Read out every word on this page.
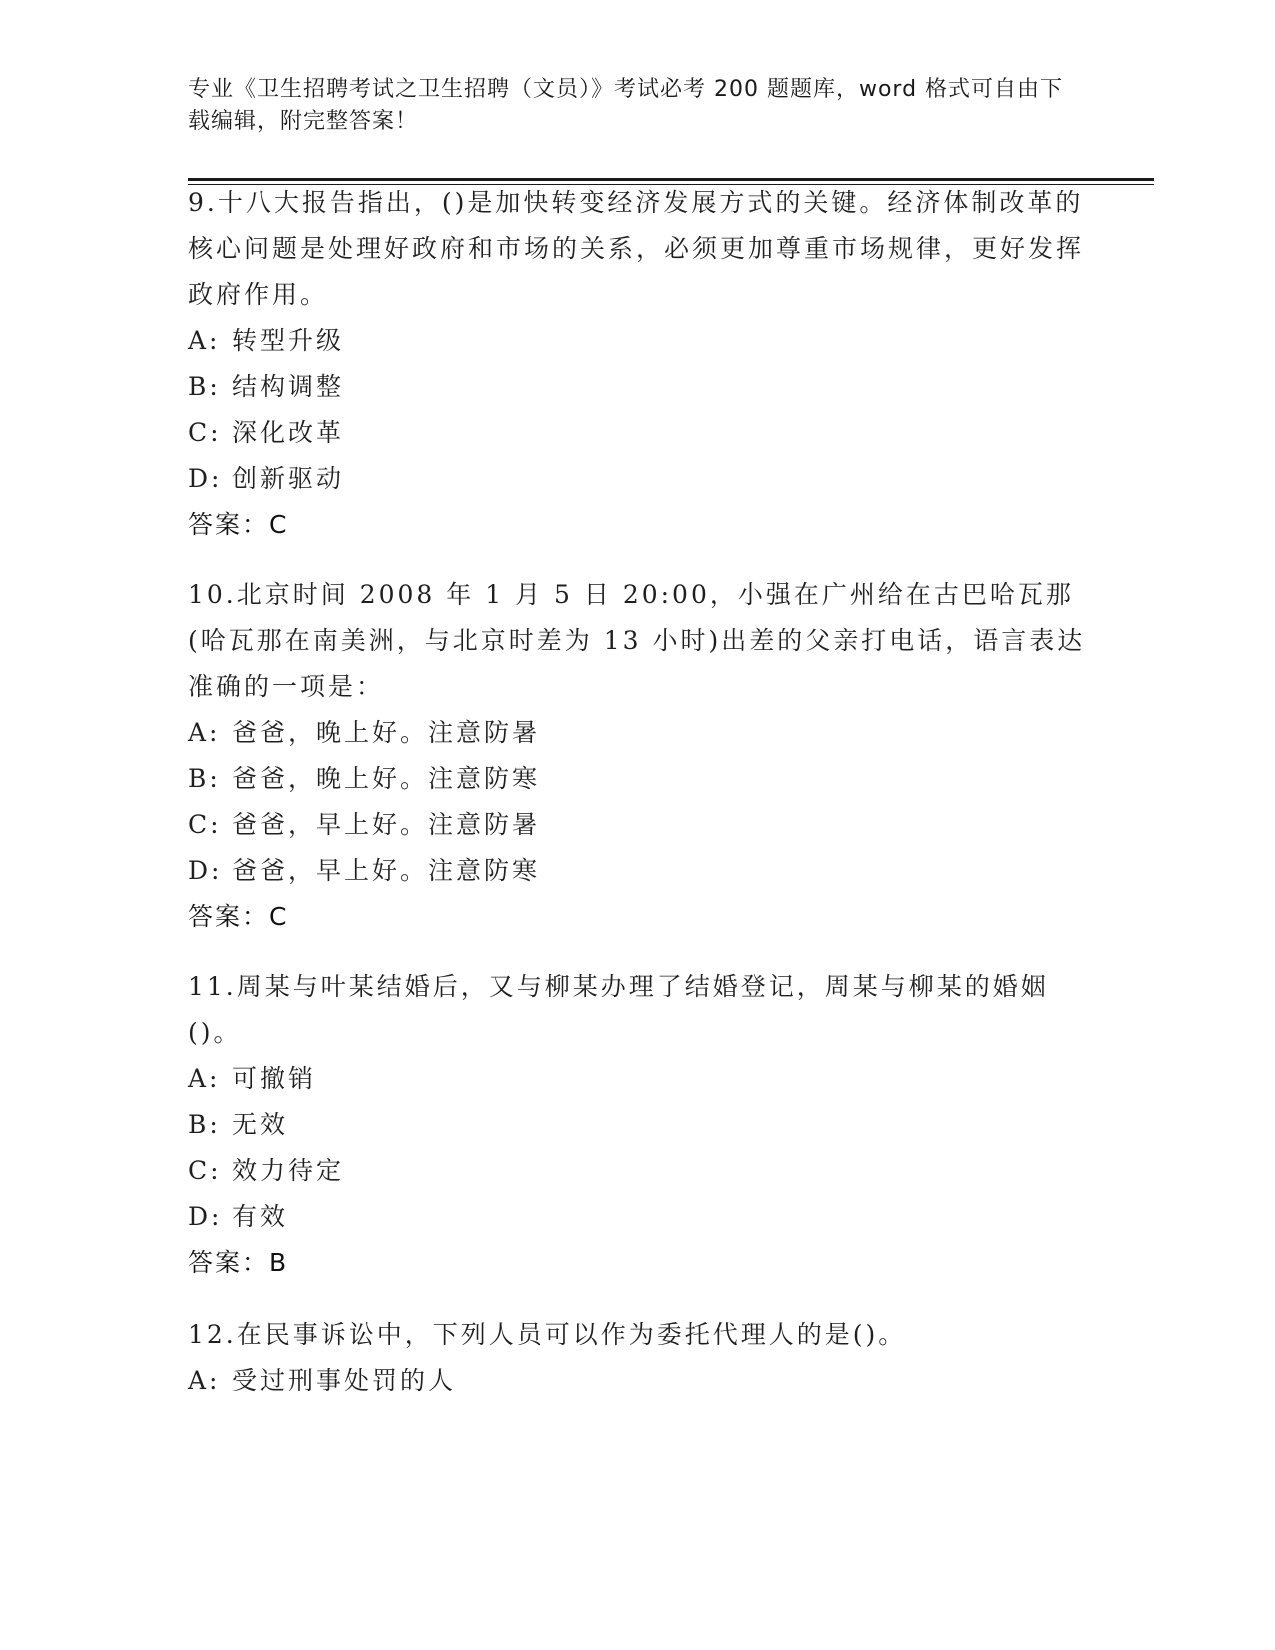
专业《卫生招聘考试之卫生招聘（文员）》考试必考 200 题题库，word 格式可自由下载编辑，附完整答案！
9.十八大报告指出，()是加快转变经济发展方式的关键。经济体制改革的核心问题是处理好政府和市场的关系，必须更加尊重市场规律，更好发挥政府作用。
A: 转型升级
B: 结构调整
C: 深化改革
D: 创新驱动
答案：C
10.北京时间 2008 年 1 月 5 日 20:00，小强在广州给在古巴哈瓦那(哈瓦那在南美洲，与北京时差为 13 小时)出差的父亲打电话，语言表达准确的一项是：
A: 爸爸，晚上好。注意防暑
B: 爸爸，晚上好。注意防寒
C: 爸爸，早上好。注意防暑
D: 爸爸，早上好。注意防寒
答案：C
11.周某与叶某结婚后，又与柳某办理了结婚登记，周某与柳某的婚姻()。
A: 可撤销
B: 无效
C: 效力待定
D: 有效
答案：B
12.在民事诉讼中，下列人员可以作为委托代理人的是()。
A: 受过刑事处罚的人
